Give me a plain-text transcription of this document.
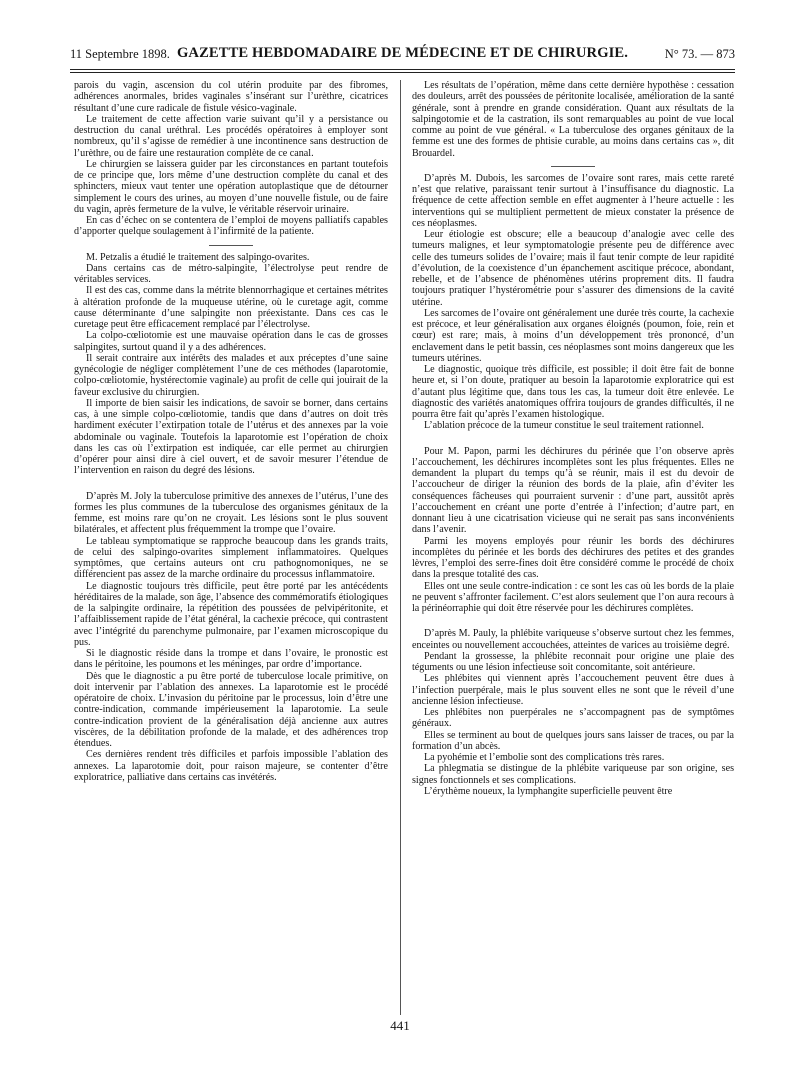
11 Septembre 1898. GAZETTE HEBDOMADAIRE DE MÉDECINE ET DE CHIRURGIE.	N° 73. — 873

parois du vagin, ascension du col utérin produite par des fibromes, adhérences anormales, brides vaginales s’insérant sur l’urèthre, cicatrices résultant d’une cure radicale de fistule vésico-vaginale.

Le traitement de cette affection varie suivant qu’il y a persistance ou destruction du canal uréthral. Les procédés opératoires à employer sont nombreux, qu’il s’agisse de remédier à une incontinence sans destruction de l’urèthre, ou de faire une restauration complète de ce canal.

Le chirurgien se laissera guider par les circonstances en partant toutefois de ce principe que, lors même d’une destruction complète du canal et des sphincters, mieux vaut tenter une opération autoplastique que de détourner simplement le cours des urines, au moyen d’une nouvelle fistule, ou de faire du vagin, après fermeture de la vulve, le véritable réservoir urinaire.

En cas d’échec on se contentera de l’emploi de moyens palliatifs capables d’apporter quelque soulagement à l’infirmité de la patiente.

M. Petzalis a étudié le traitement des salpingo-ovarites.

Dans certains cas de métro-salpingite, l’électrolyse peut rendre de véritables services.

Il est des cas, comme dans la métrite blennorrhagique et certaines métrites à altération profonde de la muqueuse utérine, où le curetage agit, comme cause déterminante d’une salpingite non préexistante. Dans ces cas le curetage peut être efficacement remplacé par l’électrolyse.

La colpo-cœliotomie est une mauvaise opération dans le cas de grosses salpingites, surtout quand il y a des adhérences.

Il serait contraire aux intérêts des malades et aux préceptes d’une saine gynécologie de négliger complètement l’une de ces méthodes (laparotomie, colpo-cœliotomie, hystérectomie vaginale) au profit de celle qui jouirait de la faveur exclusive du chirurgien.

Il importe de bien saisir les indications, de savoir se borner, dans certains cas, à une simple colpo-cœliotomie, tandis que dans d’autres on doit très hardiment exécuter l’extirpation totale de l’utérus et des annexes par la voie abdominale ou vaginale. Toutefois la laparotomie est l’opération de choix dans les cas où l’extirpation est indiquée, car elle permet au chirurgien d’opérer pour ainsi dire à ciel ouvert, et de savoir mesurer l’étendue de l’intervention en raison du degré des lésions.

D’après M. Joly la tuberculose primitive des annexes de l’utérus, l’une des formes les plus communes de la tuberculose des organismes génitaux de la femme, est moins rare qu’on ne croyait. Les lésions sont le plus souvent bilatérales, et affectent plus fréquemment la trompe que l’ovaire.

Le tableau symptomatique se rapproche beaucoup dans les grands traits, de celui des salpingo-ovarites simplement inflammatoires. Quelques symptômes, que certains auteurs ont cru pathognomoniques, ne se différencient pas assez de la marche ordinaire du processus inflammatoire.

Le diagnostic toujours très difficile, peut être porté par les antécédents héréditaires de la malade, son âge, l’absence des commémoratifs étiologiques de la salpingite ordinaire, la répétition des poussées de pelvipéritonite, et l’affaiblissement rapide de l’état général, la cachexie précoce, qui contrastent avec l’intégrité du parenchyme pulmonaire, par l’examen microscopique du pus.

Si le diagnostic réside dans la trompe et dans l’ovaire, le pronostic est dans le péritoine, les poumons et les méninges, par ordre d’importance.

Dès que le diagnostic a pu être porté de tuberculose locale primitive, on doit intervenir par l’ablation des annexes. La laparotomie est le procédé opératoire de choix. L’invasion du péritoine par le processus, loin d’être une contre-indication, commande impérieusement la laparotomie. La seule contre-indication provient de la généralisation déjà ancienne aux autres viscères, de la débilitation profonde de la malade, et des adhérences trop étendues.

Ces dernières rendent très difficiles et parfois impossible l’ablation des annexes. La laparotomie doit, pour raison majeure, se contenter d’être exploratrice, palliative dans certains cas invétérés.

Les résultats de l’opération, même dans cette dernière hypothèse : cessation des douleurs, arrêt des poussées de péritonite localisée, amélioration de la santé générale, sont à prendre en grande considération. Quant aux résultats de la salpingotomie et de la castration, ils sont remarquables au point de vue local comme au point de vue général. « La tuberculose des organes génitaux de la femme est une des formes de phtisie curable, au moins dans certains cas », dit Brouardel.

D’après M. Dubois, les sarcomes de l’ovaire sont rares, mais cette rareté n’est que relative, paraissant tenir surtout à l’insuffisance du diagnostic. La fréquence de cette affection semble en effet augmenter à l’heure actuelle : les interventions qui se multiplient permettent de mieux constater la présence de ces néoplasmes.

Leur étiologie est obscure; elle a beaucoup d’analogie avec celle des tumeurs malignes, et leur symptomatologie présente peu de différence avec celle des tumeurs solides de l’ovaire; mais il faut tenir compte de leur rapidité d’évolution, de la coexistence d’un épanchement ascitique précoce, abondant, rebelle, et de l’absence de phénomènes utérins proprement dits. Il faudra toujours pratiquer l’hystérométrie pour s’assurer des dimensions de la cavité utérine.

Les sarcomes de l’ovaire ont généralement une durée très courte, la cachexie est précoce, et leur généralisation aux organes éloignés (poumon, foie, rein et cœur) est rare; mais, à moins d’un développement très prononcé, d’un enclavement dans le petit bassin, ces néoplasmes sont moins dangereux que les tumeurs utérines.

Le diagnostic, quoique très difficile, est possible; il doit être fait de bonne heure et, si l’on doute, pratiquer au besoin la laparotomie exploratrice qui est d’autant plus légitime que, dans tous les cas, la tumeur doit être enlevée. Le diagnostic des variétés anatomiques offrira toujours de grandes difficultés, il ne pourra être fait qu’après l’examen histologique.

L’ablation précoce de la tumeur constitue le seul traitement rationnel.

Pour M. Papon, parmi les déchirures du périnée que l’on observe après l’accouchement, les déchirures incomplètes sont les plus fréquentes. Elles ne demandent la plupart du temps qu’à se réunir, mais il est du devoir de l’accoucheur de diriger la réunion des bords de la plaie, afin d’éviter les conséquences fâcheuses qui pourraient survenir : d’une part, aussitôt après l’accouchement en créant une porte d’entrée à l’infection; d’autre part, en donnant lieu à une cicatrisation vicieuse qui ne serait pas sans inconvénients dans l’avenir.

Parmi les moyens employés pour réunir les bords des déchirures incomplètes du périnée et les bords des déchirures des petites et des grandes lèvres, l’emploi des serre-fines doit être considéré comme le procédé de choix dans la presque totalité des cas.

Elles ont une seule contre-indication : ce sont les cas où les bords de la plaie ne peuvent s’affronter facilement. C’est alors seulement que l’on aura recours à la périnéorraphie qui doit être réservée pour les déchirures complètes.

D’après M. Pauly, la phlébite variqueuse s’observe surtout chez les femmes, enceintes ou nouvellement accouchées, atteintes de varices au troisième degré.

Pendant la grossesse, la phlébite reconnait pour origine une plaie des téguments ou une lésion infectieuse soit concomitante, soit antérieure.

Les phlébites qui viennent après l’accouchement peuvent être dues à l’infection puerpérale, mais le plus souvent elles ne sont que le réveil d’une ancienne lésion infectieuse.

Les phlébites non puerpérales ne s’accompagnent pas de symptômes généraux.

Elles se terminent au bout de quelques jours sans laisser de traces, ou par la formation d’un abcès.

La pyohémie et l’embolie sont des complications très rares.

La phlegmatia se distingue de la phlébite variqueuse par son origine, ses signes fonctionnels et ses complications.

L’érythème noueux, la lymphangite superficielle peuvent être

441
